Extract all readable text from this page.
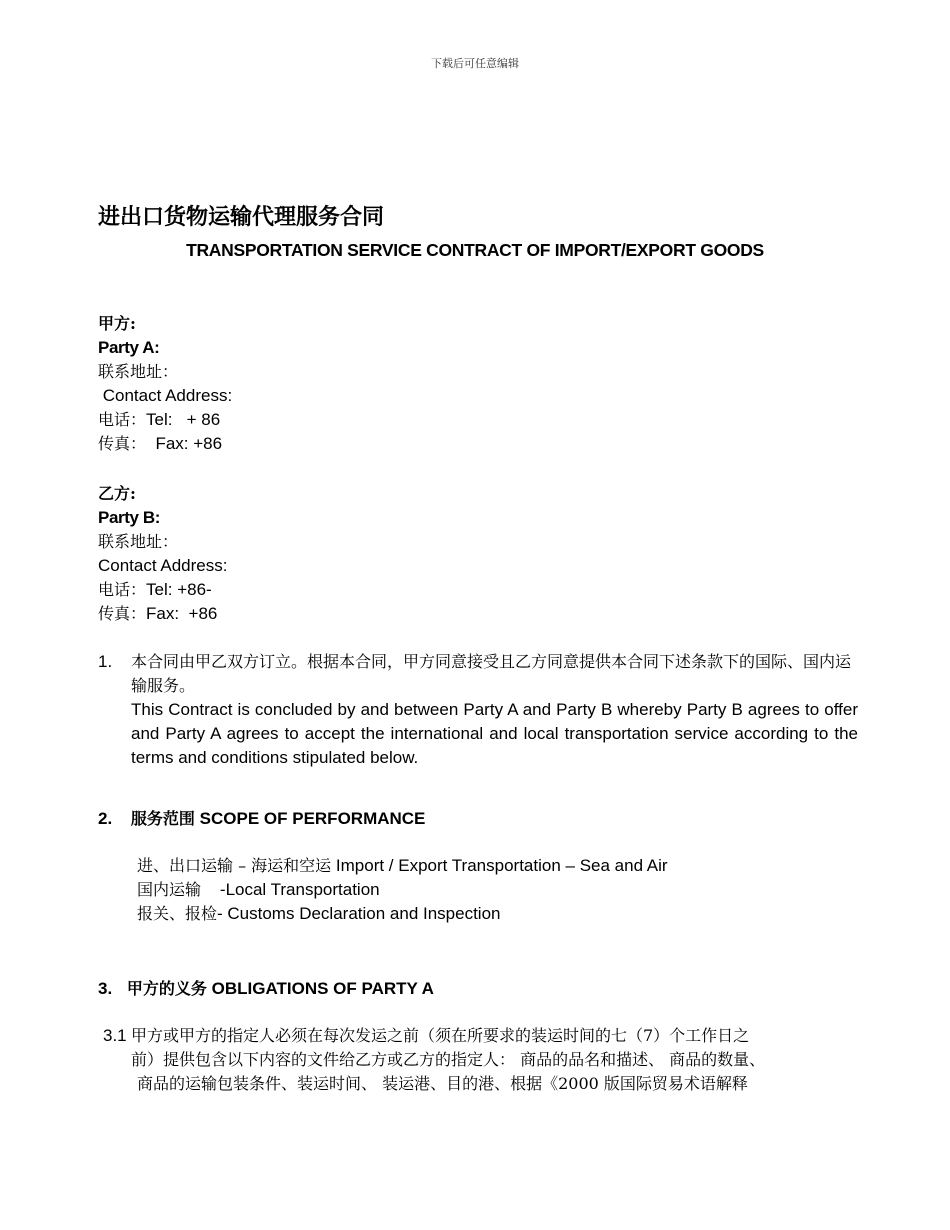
下载后可任意编辑
进出口货物运输代理服务合同
TRANSPORTATION SERVICE CONTRACT OF IMPORT/EXPORT GOODS
甲方:
Party A:
联系地址：
Contact Address:
电话：Tel:   + 86
传真：  Fax: +86
乙方:
Party B:
联系地址：
Contact Address:
电话：Tel: +86-
传真：Fax:  +86
1. 本合同由甲乙双方订立。根据本合同，甲方同意接受且乙方同意提供本合同下述条款下的国际、国内运输服务。
This Contract is concluded by and between Party A and Party B whereby Party B agrees to offer and Party A agrees to accept the international and local transportation service according to the terms and conditions stipulated below.
2. 服务范围 SCOPE OF PERFORMANCE
进、出口运输 – 海运和空运 Import / Export Transportation – Sea and Air
国内运输    -Local Transportation
报关、报检- Customs Declaration and Inspection
3. 甲方的义务 OBLIGATIONS OF PARTY A
3.1 甲方或甲方的指定人必须在每次发运之前（须在所要求的装运时间的七（7）个工作日之
前）提供包含以下内容的文件给乙方或乙方的指定人： 商品的品名和描述、 商品的数量、
商品的运输包装条件、装运时间、 装运港、目的港、根据《2000 版国际贸易术语解释
